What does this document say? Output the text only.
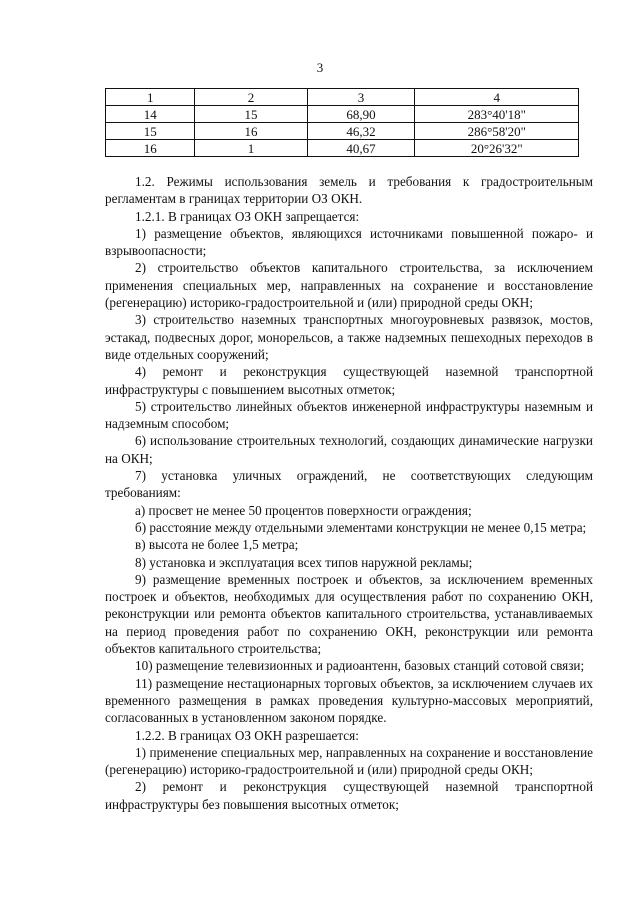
3
1	2	3	4
14	15	68,90	283°40'18"
15	16	46,32	286°58'20"
16	1	40,67	20°26'32"

1.2. Режимы использования земель и требования к градостроительным регламентам в границах территории ОЗ ОКН.

1.2.1. В границах ОЗ ОКН запрещается:

1) размещение объектов, являющихся источниками повышенной пожаро- и взрывоопасности;

2) строительство объектов капитального строительства, за исключением применения специальных мер, направленных на сохранение и восстановление (регенерацию) историко-градостроительной и (или) природной среды ОКН;

3) строительство наземных транспортных многоуровневых развязок, мостов, эстакад, подвесных дорог, монорельсов, а также надземных пешеходных переходов в виде отдельных сооружений;

4) ремонт и реконструкция существующей наземной транспортной инфраструктуры с повышением высотных отметок;

5) строительство линейных объектов инженерной инфраструктуры наземным и надземным способом;

6) использование строительных технологий, создающих динамические нагрузки на ОКН;

7) установка уличных ограждений, не соответствующих следующим требованиям:

а) просвет не менее 50 процентов поверхности ограждения;

б) расстояние между отдельными элементами конструкции не менее 0,15 метра;

в) высота не более 1,5 метра;

8) установка и эксплуатация всех типов наружной рекламы;

9) размещение временных построек и объектов, за исключением временных построек и объектов, необходимых для осуществления работ по сохранению ОКН, реконструкции или ремонта объектов капитального строительства, устанавливаемых на период проведения работ по сохранению ОКН, реконструкции или ремонта объектов капитального строительства;

10) размещение телевизионных и радиоантенн, базовых станций сотовой связи;

11) размещение нестационарных торговых объектов, за исключением случаев их временного размещения в рамках проведения культурно-массовых мероприятий, согласованных в установленном законом порядке.

1.2.2. В границах ОЗ ОКН разрешается:

1) применение специальных мер, направленных на сохранение и восстановление (регенерацию) историко-градостроительной и (или) природной среды ОКН;

2) ремонт и реконструкция существующей наземной транспортной инфраструктуры без повышения высотных отметок;
